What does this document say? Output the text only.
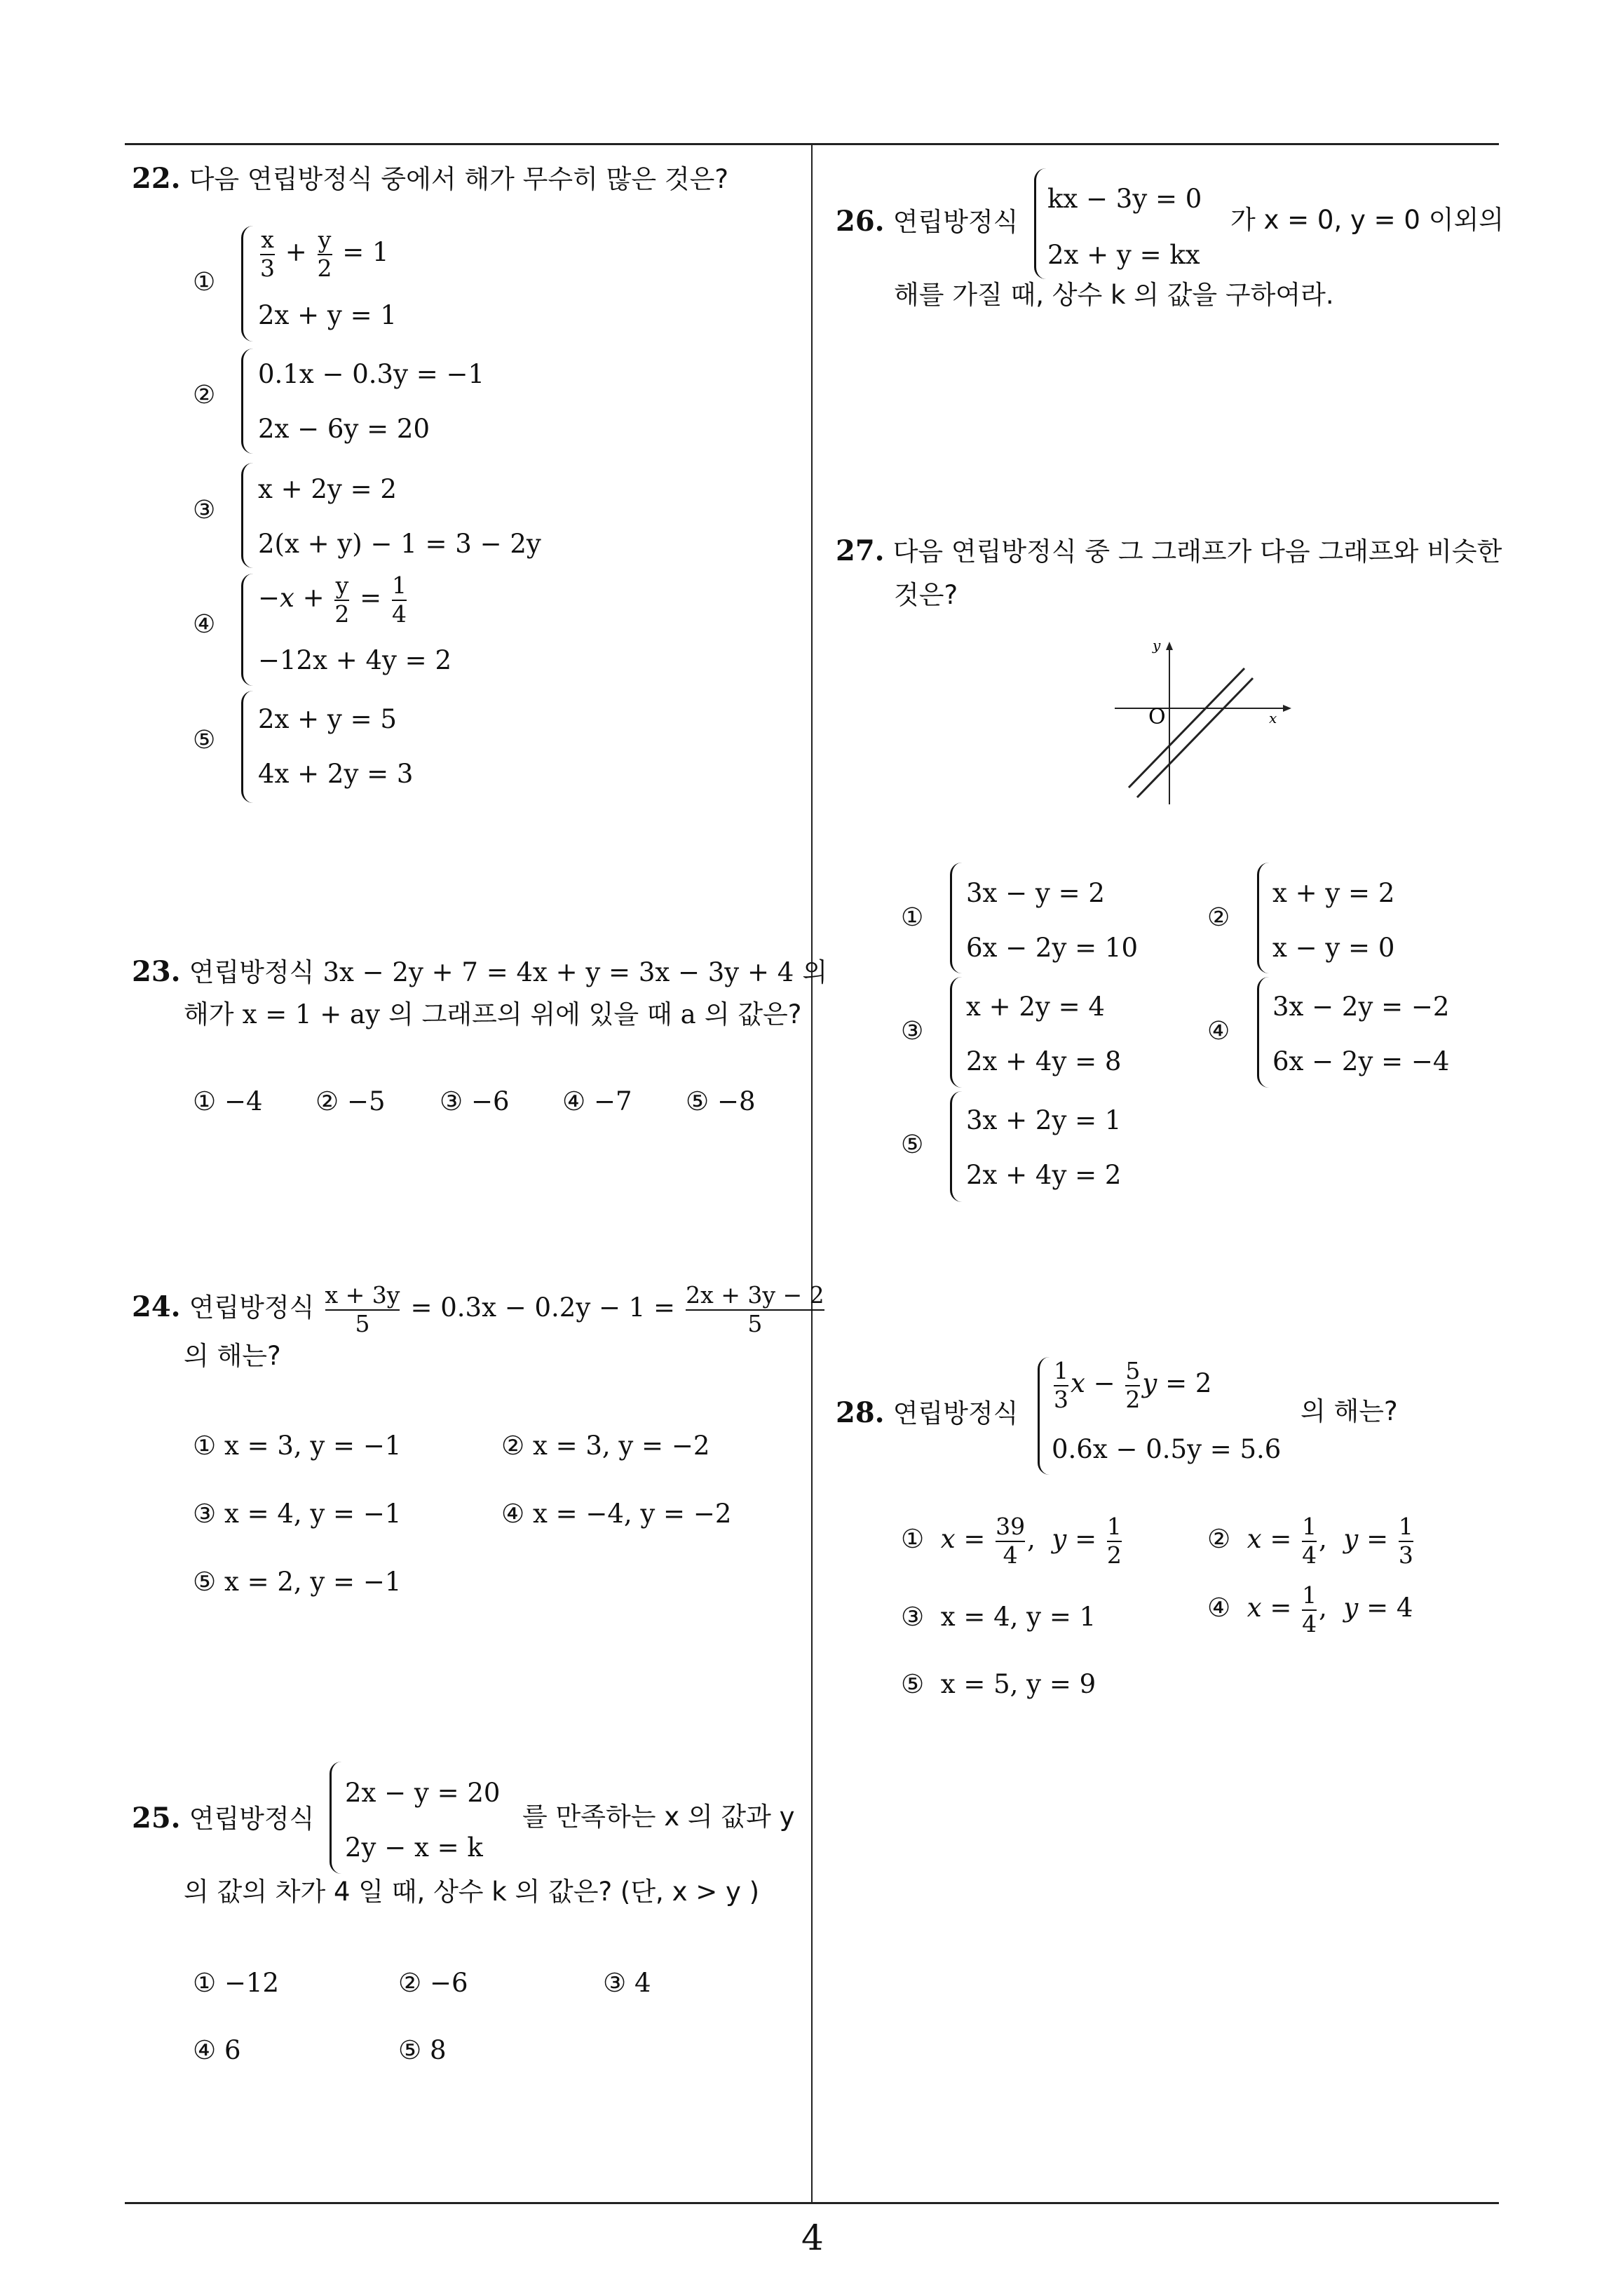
4
22. 다음 연립방정식 중에서 해가 무수히 많은 것은?
①
$\frac{x}{3} + \frac{y}{2} = 1$
2x + y = 1
②
0.1x − 0.3y = −1
2x − 6y = 20
③
x + 2y = 2
2(x + y) − 1 = 3 − 2y
④
$-x + \frac{y}{2} = \frac{1}{4}$
−12x + 4y = 2
⑤
2x + y = 5
4x + 2y = 3
23. 연립방정식 3x − 2y + 7 = 4x + y = 3x − 3y + 4 의
해가 x = 1 + ay 의 그래프의 위에 있을 때 a 의 값은?
① −4 ② −5 ③ −6 ④ −7 ⑤ −8
24. 연립방정식 $\frac{x + 3y}{5} = 0.3x - 0.2y - 1 = \frac{2x + 3y - 2}{5}$
의 해는?
① x = 3, y = −1	② x = 3, y = −2
③ x = 4, y = −1	④ x = −4, y = −2
⑤ x = 2, y = −1
25. 연립방정식
2x − y = 20
2y − x = k
를 만족하는 x 의 값과 y
의 값의 차가 4 일 때, 상수 k 의 값은? (단, x > y )
① −12	② −6	③ 4
④ 6	⑤ 8
26. 연립방정식
kx − 3y = 0
2x + y = kx
가 x = 0, y = 0 이외의
해를 가질 때, 상수 k 의 값을 구하여라.
27. 다음 연립방정식 중 그 그래프가 다음 그래프와 비슷한
것은?
y
x
O
①
3x − y = 2
6x − 2y = 10
②
x + y = 2
x − y = 0
③
x + 2y = 4
2x + 4y = 8
④
3x − 2y = −2
6x − 2y = −4
⑤
3x + 2y = 1
2x + 4y = 2
28. 연립방정식
$\frac{1}{3}$ $x - \frac{5}{2}$ y = 2
0.6x − 0.5y = 5.6
의 해는?
① $x = \frac{39}{4}$ ,  $y = \frac{1}{2}$	② $x = \frac{1}{4}$ ,  $y = \frac{1}{3}$
③ x = 4, y = 1	④ $x = \frac{1}{4}$ ,  y = 4
⑤ x = 5, y = 9
